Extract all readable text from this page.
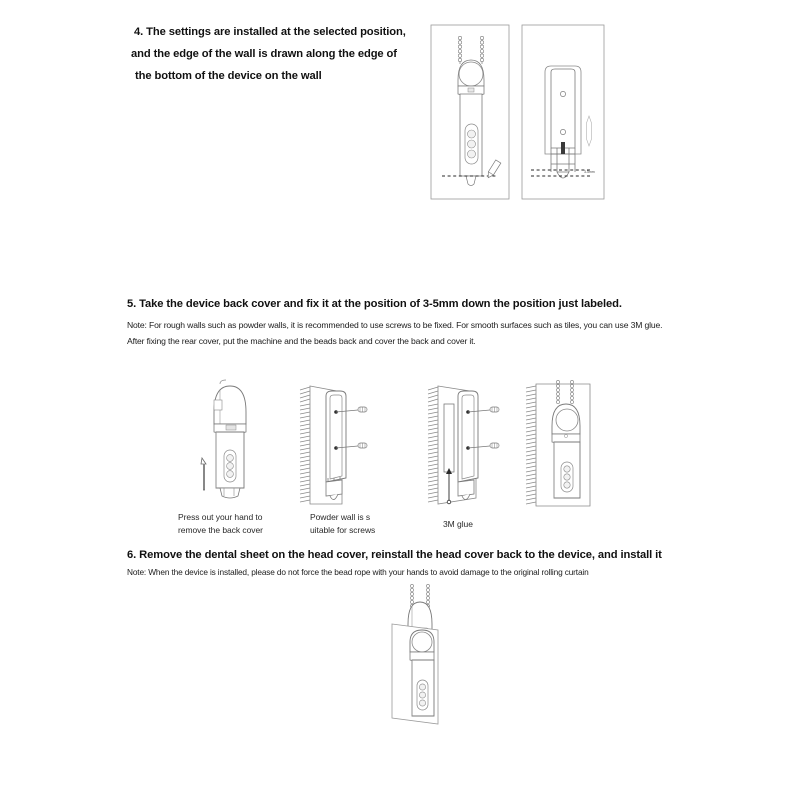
4. The settings are installed at the selected position,
and the edge of the wall is drawn along the edge of
the bottom of the device on the wall
3-5mm
5. Take the device back cover and fix it at the position of 3-5mm down the position just labeled.
Note: For rough walls such as powder walls, it is recommended to use screws to be fixed. For smooth surfaces such as tiles, you can use 3M glue.
After fixing the rear cover, put the machine and the beads back and cover the back and cover it.
Press out your hand to
remove the back cover
Powder wall is s
uitable for screws
3M glue
6. Remove the dental sheet on the head cover, reinstall the head cover back to the device, and install it
Note: When the device is installed, please do not force the bead rope with your hands to avoid damage to the original rolling curtain
